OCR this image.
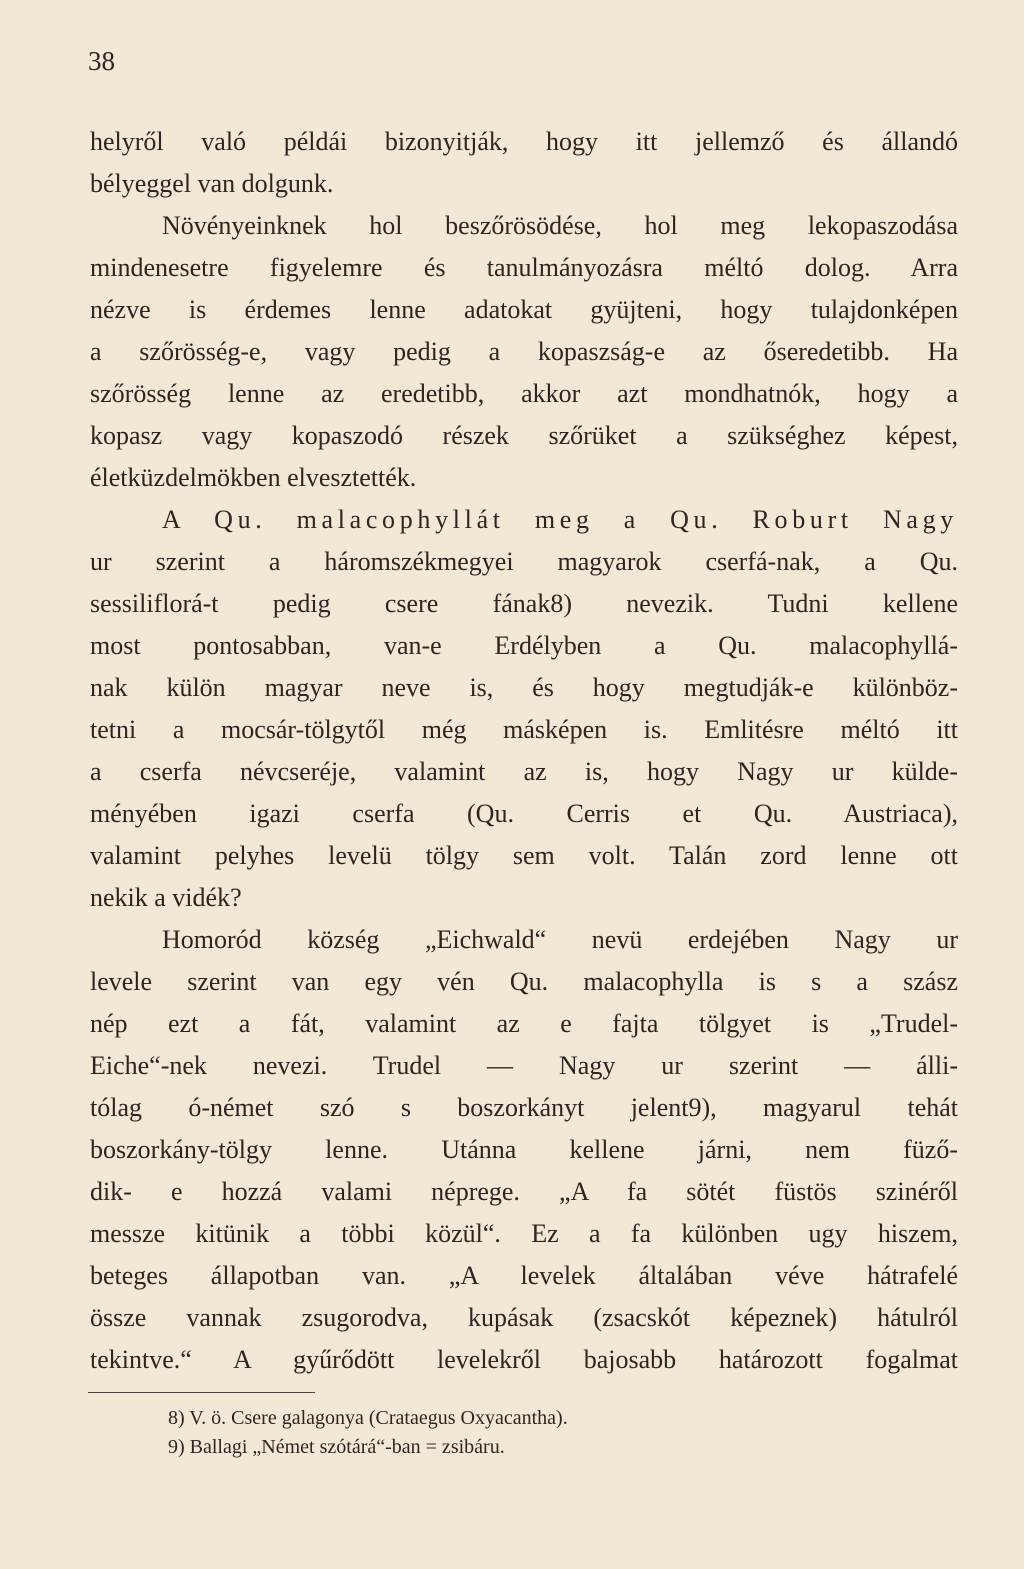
38
helyről való példái bizonyitják, hogy itt jellemző és állandó
bélyeggel van dolgunk.
Növényeinknek hol beszőrösödése, hol meg lekopaszodása
mindenesetre figyelemre és tanulmányozásra méltó dolog. Arra
nézve is érdemes lenne adatokat gyüjteni, hogy tulajdonképen
a szőrösség-e, vagy pedig a kopaszság-e az őseredetibb. Ha
szőrösség lenne az eredetibb, akkor azt mondhatnók, hogy a
kopasz vagy kopaszodó részek szőrüket a szükséghez képest,
életküzdelmökben elvesztették.
A Qu. malacophyllát meg a Qu. Roburt Nagy
ur szerint a háromszékmegyei magyarok cserfá-nak, a Qu.
sessiliflorá-t pedig csere fának8) nevezik. Tudni kellene
most pontosabban, van-e Erdélyben a Qu. malacophyllá-
nak külön magyar neve is, és hogy megtudják-e különböz-
tetni a mocsár-tölgytől még másképen is. Emlitésre méltó itt
a cserfa névcseréje, valamint az is, hogy Nagy ur külde-
ményében igazi cserfa (Qu. Cerris et Qu. Austriaca),
valamint pelyhes levelü tölgy sem volt. Talán zord lenne ott
nekik a vidék?
Homoród község „Eichwald“ nevü erdejében Nagy ur
levele szerint van egy vén Qu. malacophylla is s a szász
nép ezt a fát, valamint az e fajta tölgyet is „Trudel-
Eiche“-nek nevezi. Trudel — Nagy ur szerint — álli-
tólag ó-német szó s boszorkányt jelent9), magyarul tehát
boszorkány-tölgy lenne. Utánna kellene járni, nem füző-
dik- e hozzá valami néprege. „A fa sötét füstös szinéről
messze kitünik a többi közül“. Ez a fa különben ugy hiszem,
beteges állapotban van. „A levelek általában véve hátrafelé
össze vannak zsugorodva, kupásak (zsacskót képeznek) hátulról
tekintve.“ A gyűrődött levelekről bajosabb határozott fogalmat
8) V. ö. Csere galagonya (Crataegus Oxyacantha).
9) Ballagi „Német szótárá“-ban = zsibáru.
